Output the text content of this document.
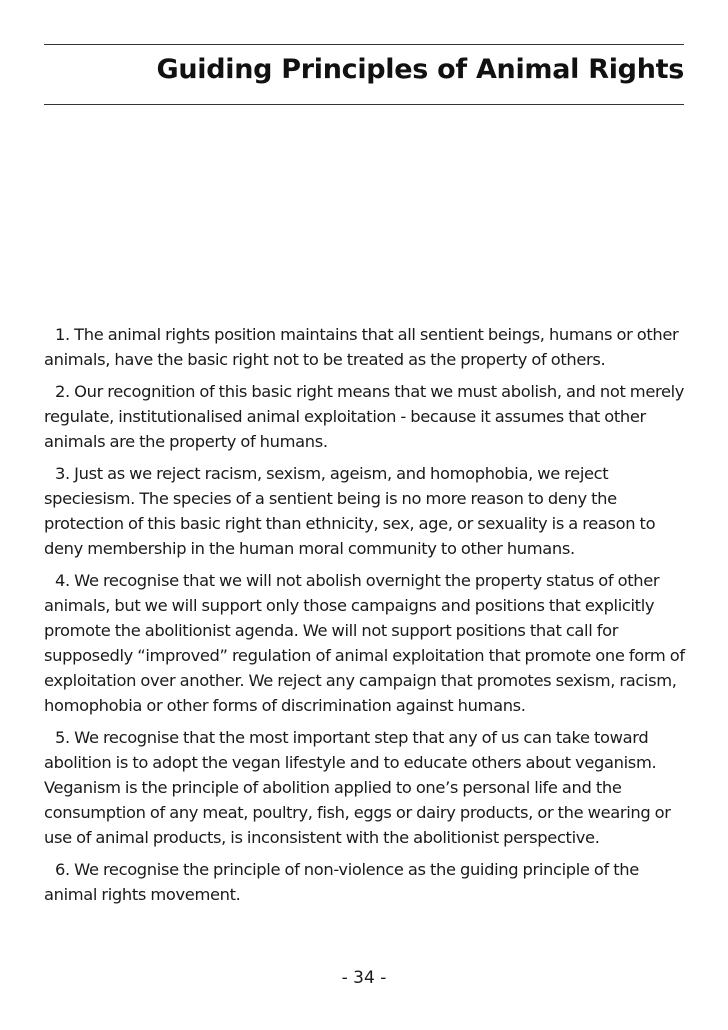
Guiding Principles of Animal Rights

1. The animal rights position maintains that all sentient beings, humans or other animals, have the basic right not to be treated as the property of others.

2. Our recognition of this basic right means that we must abolish, and not merely regulate, institutionalised animal exploitation - because it assumes that other animals are the property of humans.

3. Just as we reject racism, sexism, ageism, and homophobia, we reject speciesism. The species of a sentient being is no more reason to deny the protection of this basic right than ethnicity, sex, age, or sexuality is a reason to deny membership in the human moral community to other humans.

4. We recognise that we will not abolish overnight the property status of other animals, but we will support only those campaigns and positions that explicitly promote the abolitionist agenda. We will not support positions that call for supposedly “improved” regulation of animal exploitation that promote one form of exploitation over another. We reject any campaign that promotes sexism, racism, homophobia or other forms of discrimination against humans.

5. We recognise that the most important step that any of us can take toward abolition is to adopt the vegan lifestyle and to educate others about veganism. Veganism is the principle of abolition applied to one’s personal life and the consumption of any meat, poultry, fish, eggs or dairy products, or the wearing or use of animal products, is inconsistent with the abolitionist perspective.

6. We recognise the principle of non-violence as the guiding principle of the animal rights movement.

- 34 -
